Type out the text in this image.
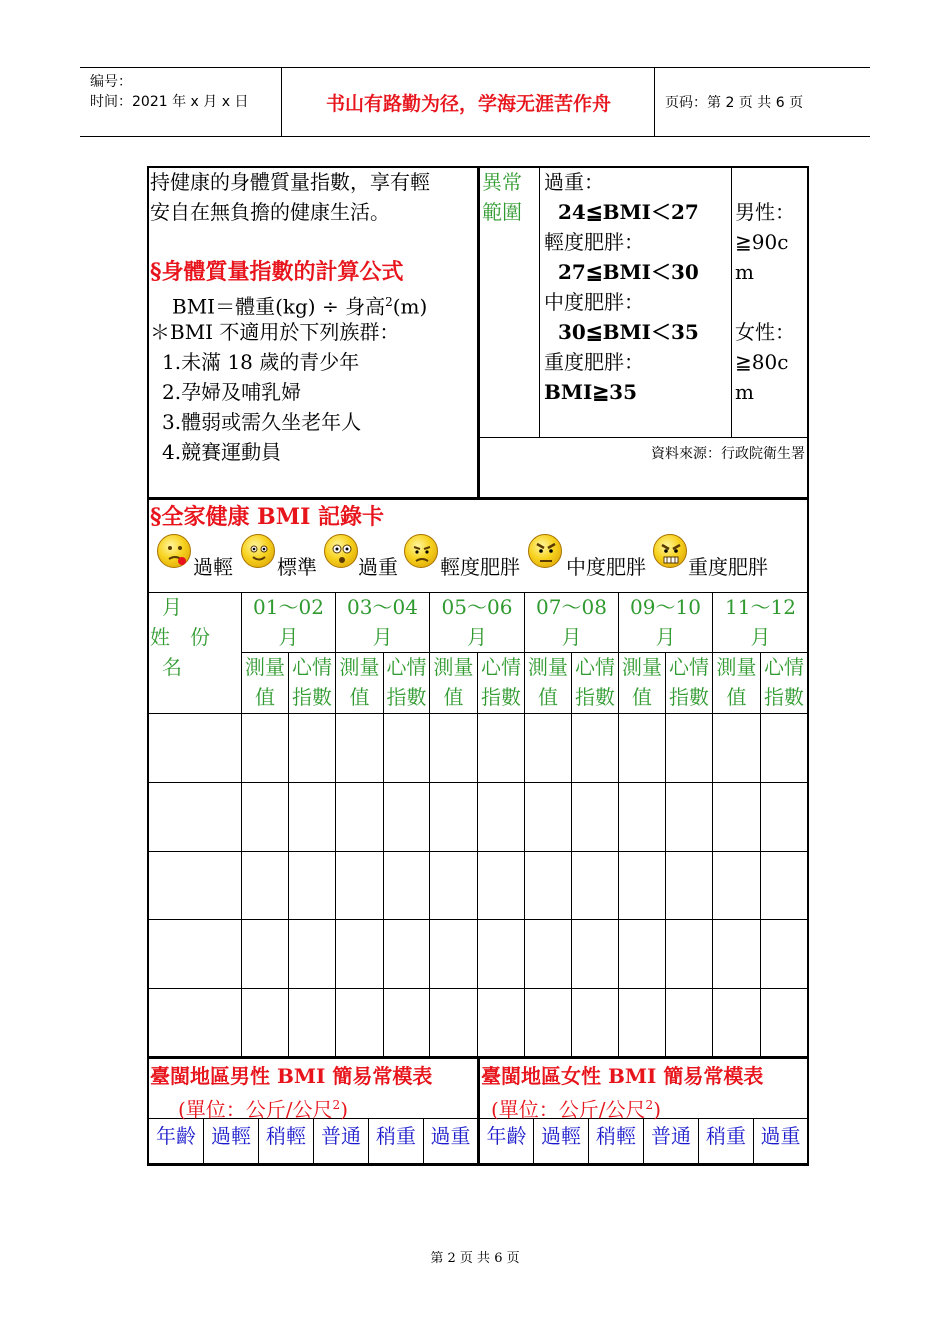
编号：
时间：2021 年 x 月 x 日	书山有路勤为径，学海无涯苦作舟	页码：第 2 页 共 6 页
持健康的身體質量指數，享有輕
安自在無負擔的健康生活。
§身體質量指數的計算公式
BMI＝體重(kg) ÷ 身高$^2$(m)
＊BMI 不適用於下列族群：
1.未滿 18 歲的青少年
2.孕婦及哺乳婦
3.體弱或需久坐老年人
4.競賽運動員
異常
範圍
過重：
24≦BMI＜27
輕度肥胖：
27≦BMI＜30
中度肥胖：
30≦BMI＜35
重度肥胖：
BMI≧35
男性：
≧90c
m
女性：
≧80c
m
資料來源：行政院衛生署
§全家健康 BMI 記錄卡
過輕 標準 過重 輕度肥胖 中度肥胖 重度肥胖
月
姓　份
名
01～02
月
03～04
月
05～06
月
07～08
月
09～10
月
11～12
月
測量
值
心情
指數
測量
值
心情
指數
測量
值
心情
指數
測量
值
心情
指數
測量
值
心情
指數
測量
值
心情
指數
臺閩地區男性 BMI 簡易常模表
(單位：公斤/公尺$^2$)
臺閩地區女性 BMI 簡易常模表
(單位：公斤/公尺$^2$)
年齡 過輕 稍輕 普通 稍重 過重 年齡 過輕 稍輕 普通 稍重 過重
第 2 页 共 6 页
